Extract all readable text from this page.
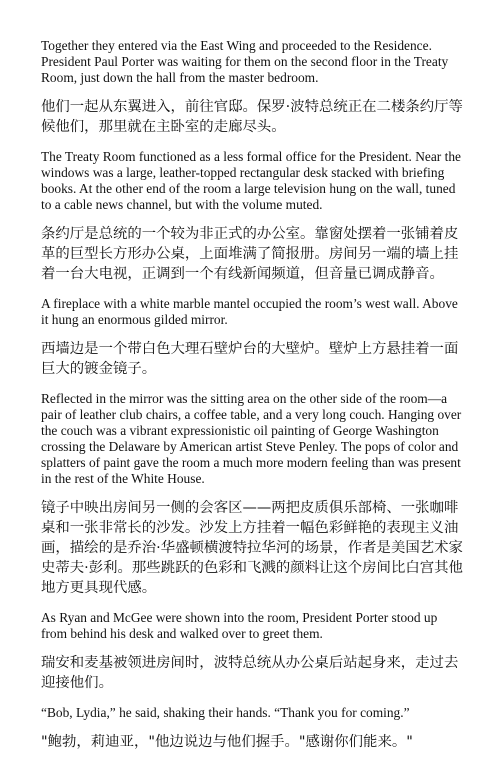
Together they entered via the East Wing and proceeded to the Residence. President Paul Porter was waiting for them on the second floor in the Treaty Room, just down the hall from the master bedroom.

他们一起从东翼进入，前往官邸。保罗·波特总统正在二楼条约厅等候他们，那里就在主卧室的走廊尽头。

The Treaty Room functioned as a less formal office for the President. Near the windows was a large, leather-topped rectangular desk stacked with briefing books. At the other end of the room a large television hung on the wall, tuned to a cable news channel, but with the volume muted.

条约厅是总统的一个较为非正式的办公室。靠窗处摆着一张铺着皮革的巨型长方形办公桌，上面堆满了简报册。房间另一端的墙上挂着一台大电视，正调到一个有线新闻频道，但音量已调成静音。

A fireplace with a white marble mantel occupied the room’s west wall. Above it hung an enormous gilded mirror.

西墙边是一个带白色大理石壁炉台的大壁炉。壁炉上方悬挂着一面巨大的镀金镜子。

Reflected in the mirror was the sitting area on the other side of the room—a pair of leather club chairs, a coffee table, and a very long couch. Hanging over the couch was a vibrant expressionistic oil painting of George Washington crossing the Delaware by American artist Steve Penley. The pops of color and splatters of paint gave the room a much more modern feeling than was present in the rest of the White House.

镜子中映出房间另一侧的会客区——两把皮质俱乐部椅、一张咖啡桌和一张非常长的沙发。沙发上方挂着一幅色彩鲜艳的表现主义油画，描绘的是乔治·华盛顿横渡特拉华河的场景，作者是美国艺术家史蒂夫·彭利。那些跳跃的色彩和飞溅的颜料让这个房间比白宫其他地方更具现代感。

As Ryan and McGee were shown into the room, President Porter stood up from behind his desk and walked over to greet them.

瑞安和麦基被领进房间时，波特总统从办公桌后站起身来，走过去迎接他们。

“Bob, Lydia,” he said, shaking their hands. “Thank you for coming.”

"鲍勃，莉迪亚，"他边说边与他们握手。"感谢你们能来。"
